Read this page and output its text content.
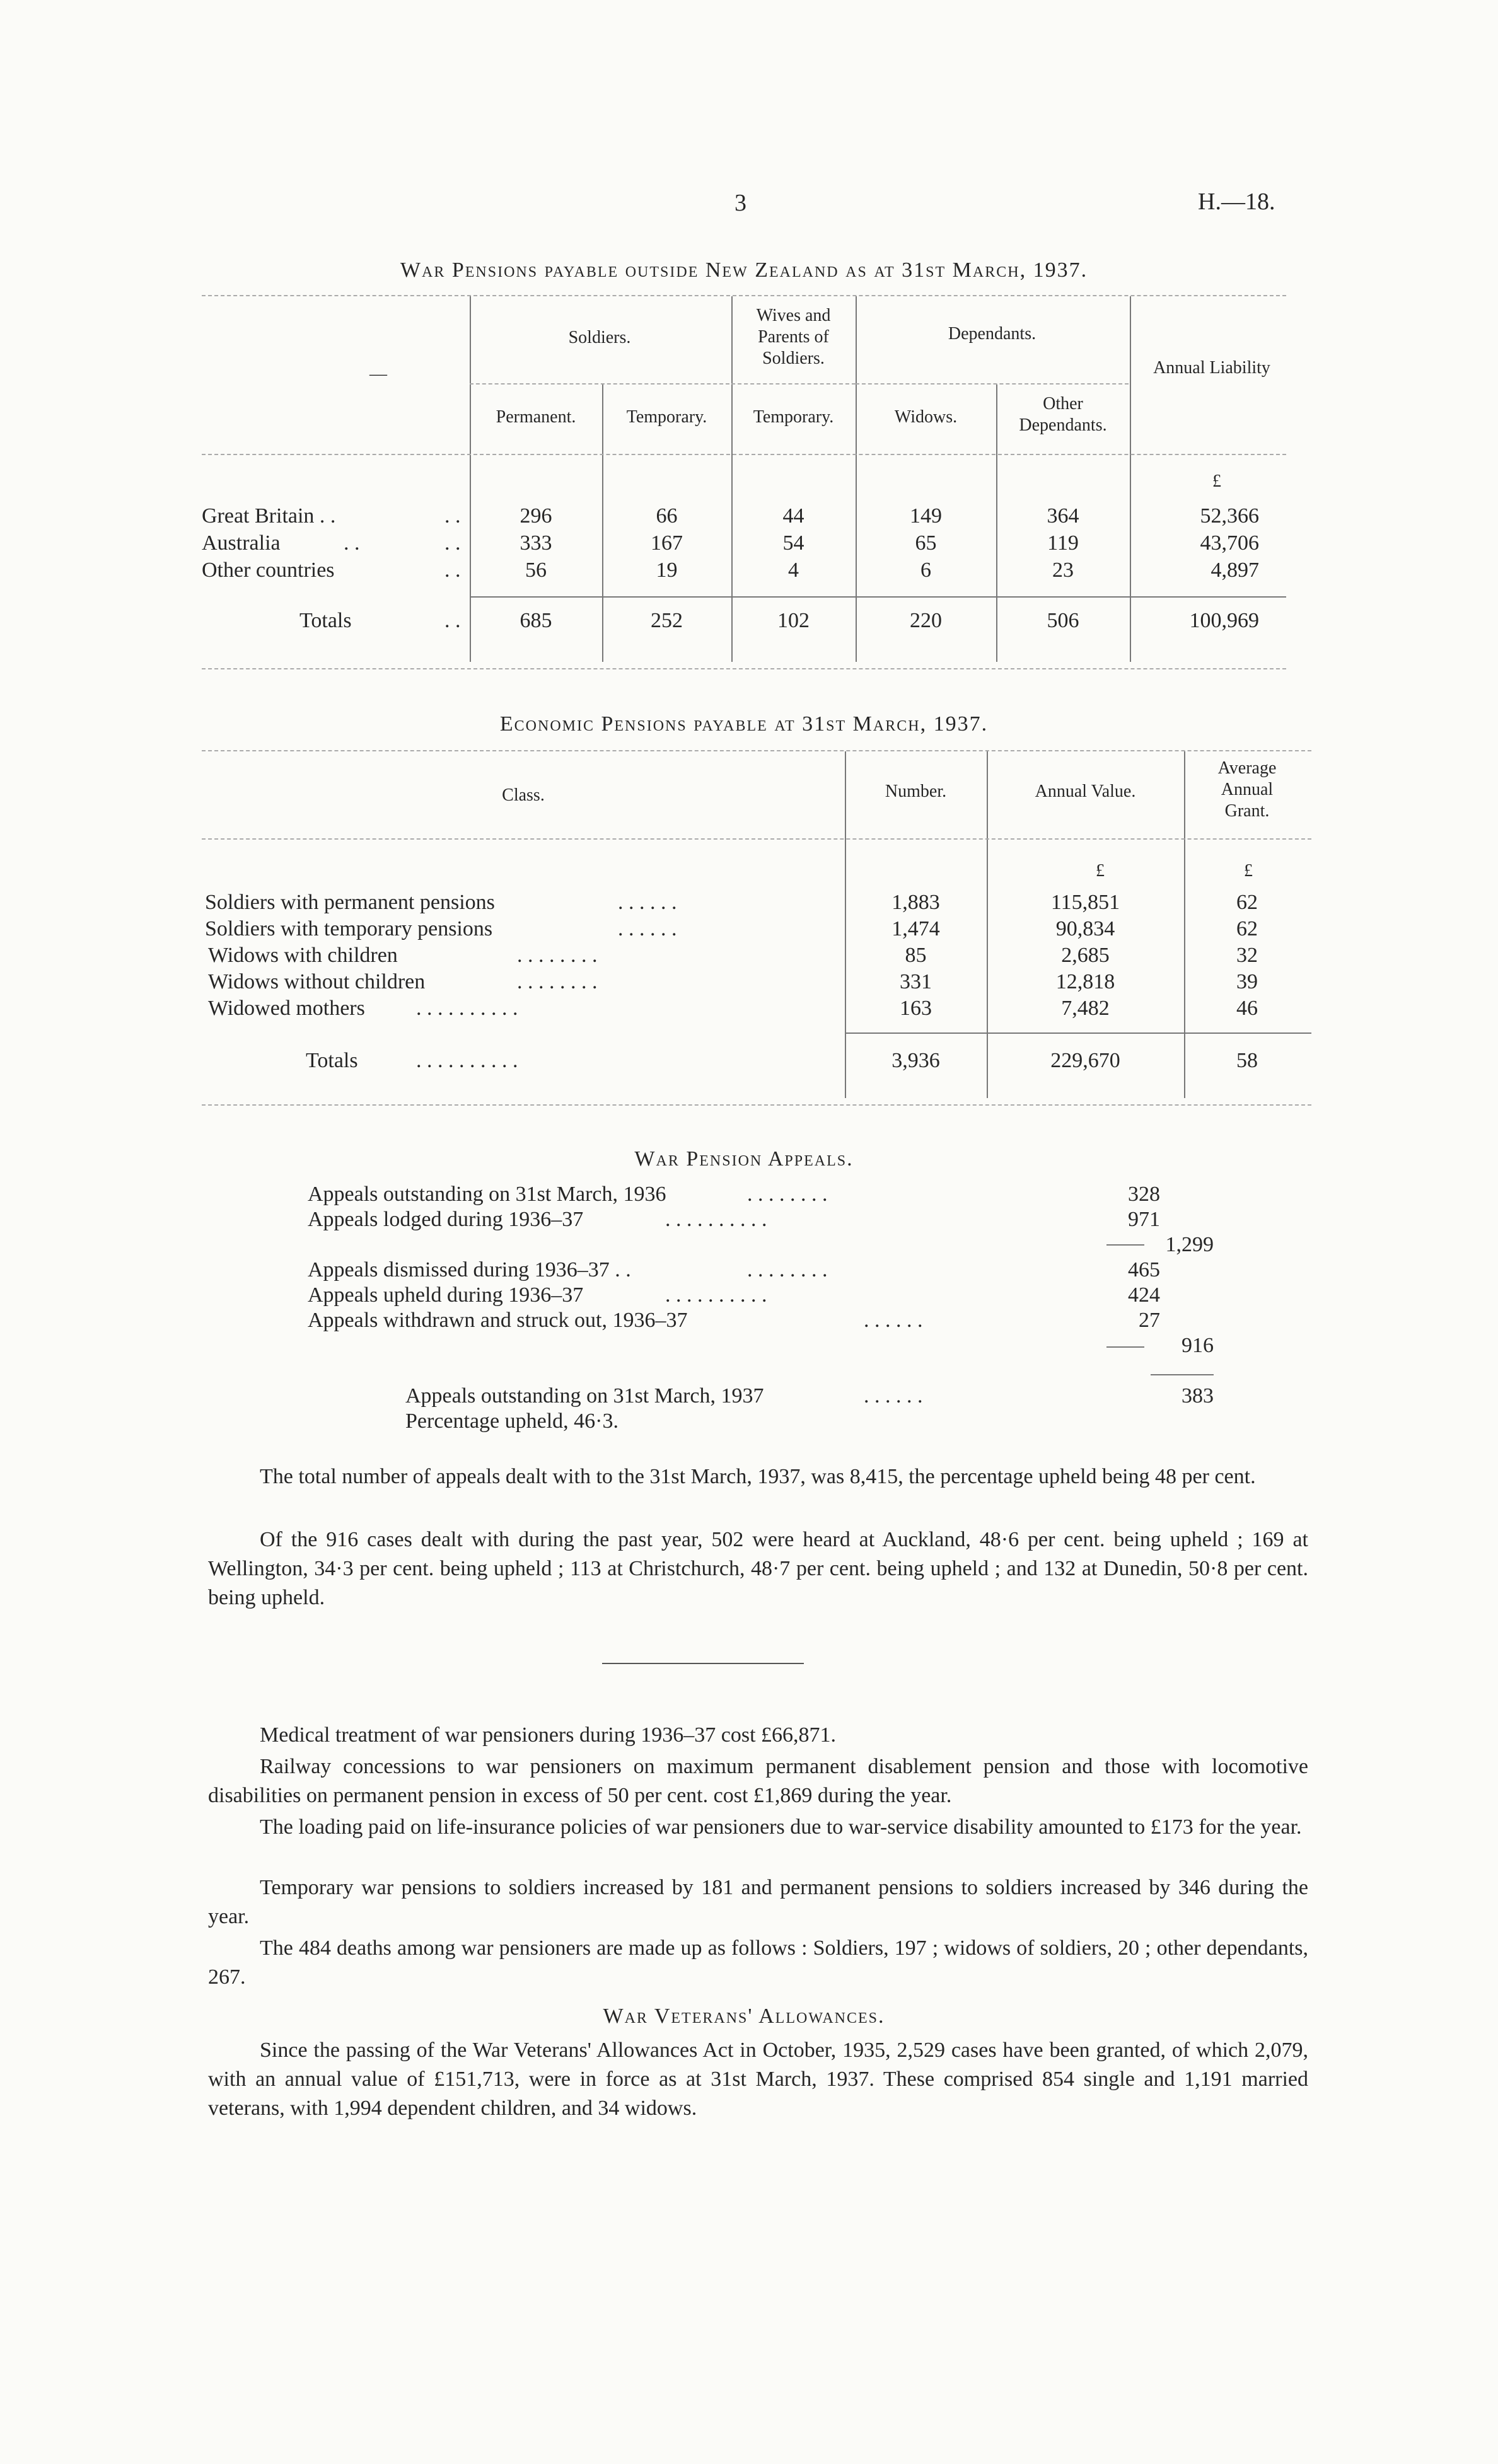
3	H.—18.
War Pensions payable outside New Zealand as at 31st March, 1937.
Soldiers.
Wives and
Parents of
Soldiers.
Dependants.
Annual Liability
—
Permanent.	Temporary.	Temporary.	Widows.
Other
Dependants.
£
Great Britain . .	. .	296	66	44	149	364	52,366
Australia	. .	. .	333	167	54	65	119	43,706
Other countries	. .	56	19	4	6	23	4,897
Totals	. .	685	252	102	220	506	100,969
Economic Pensions payable at 31st March, 1937.
Class.	Number.	Annual Value.
Average
Annual
Grant.
£	£
Soldiers with permanent pensions	. . . . . .	1,883	115,851	62
Soldiers with temporary pensions	. . . . . .	1,474	90,834	62
Widows with children	. . . . . . . .	85	2,685	32
Widows without children	. . . . . . . .	331	12,818	39
Widowed mothers . . . . . . . . . .	163	7,482	46
Totals	. . . . . . . . . .	3,936	229,670	58
War Pension Appeals.
Appeals outstanding on 31st March, 1936	. . . . . . . .	328
Appeals lodged during 1936–37	. . . . . . . . . .	971
1,299
Appeals dismissed during 1936–37 . .	. . . . . . . .	465
Appeals upheld during 1936–37	. . . . . . . . . .	424
Appeals withdrawn and struck out, 1936–37	. . . . . .	27
916
Appeals outstanding on 31st March, 1937	. . . . . .	383
Percentage upheld, 46·3.
The total number of appeals dealt with to the 31st March, 1937, was 8,415, the percentage upheld being 48 per cent.
Of the 916 cases dealt with during the past year, 502 were heard at Auckland, 48·6 per cent. being upheld ; 169 at Wellington, 34·3 per cent. being upheld ; 113 at Christchurch, 48·7 per cent. being upheld ; and 132 at Dunedin, 50·8 per cent. being upheld.
Medical treatment of war pensioners during 1936–37 cost £66,871.
Railway concessions to war pensioners on maximum permanent disablement pension and those with locomotive disabilities on permanent pension in excess of 50 per cent. cost £1,869 during the year.
The loading paid on life-insurance policies of war pensioners due to war-service disability amounted to £173 for the year.
Temporary war pensions to soldiers increased by 181 and permanent pensions to soldiers increased by 346 during the year.
The 484 deaths among war pensioners are made up as follows : Soldiers, 197 ; widows of soldiers, 20 ; other dependants, 267.
War Veterans' Allowances.
Since the passing of the War Veterans' Allowances Act in October, 1935, 2,529 cases have been granted, of which 2,079, with an annual value of £151,713, were in force as at 31st March, 1937. These comprised 854 single and 1,191 married veterans, with 1,994 dependent children, and 34 widows.
